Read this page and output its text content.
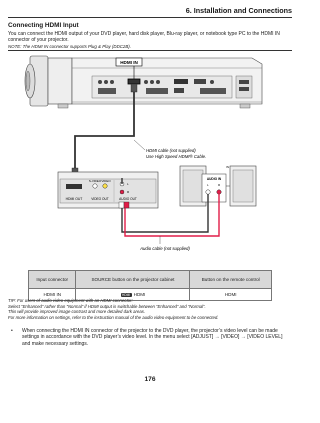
6. Installation and Connections
Connecting HDMI Input
You can connect the HDMI output of your DVD player, hard disk player, Blu-ray player, or notebook type PC to the HDMI IN connector of your projector.
NOTE: The HDMI IN connector supports Plug & Play (DDC2B).
HDMI IN
HDMI cable (not supplied)
Use High Speed HDMI® Cable.
HDMI OUT
S-VIDEO VIDEO
VIDEO OUT	AUDIO OUT
L
R
AUDIO IN
L	R
IN
Audio cable (not supplied)
Input connector	SOURCE button on the projector cabinet	Button on the remote control
HDMI IN	HDMI HDMI	HDMI
TIP: For users of audio video equipment with an HDMI connector:
Select “Enhanced” rather than “Normal” if HDMI output is switchable between “Enhanced” and “Normal”.
This will provide improved image contrast and more detailed dark areas.
For more information on settings, refer to the instruction manual of the audio video equipment to be connected.
• When connecting the HDMI IN connector of the projector to the DVD player, the projector’s video level can be made settings in accordance with the DVD player’s video level. In the menu select [ADJUST] → [VIDEO] → [VIDEO LEVEL] and make necessary settings.
176
